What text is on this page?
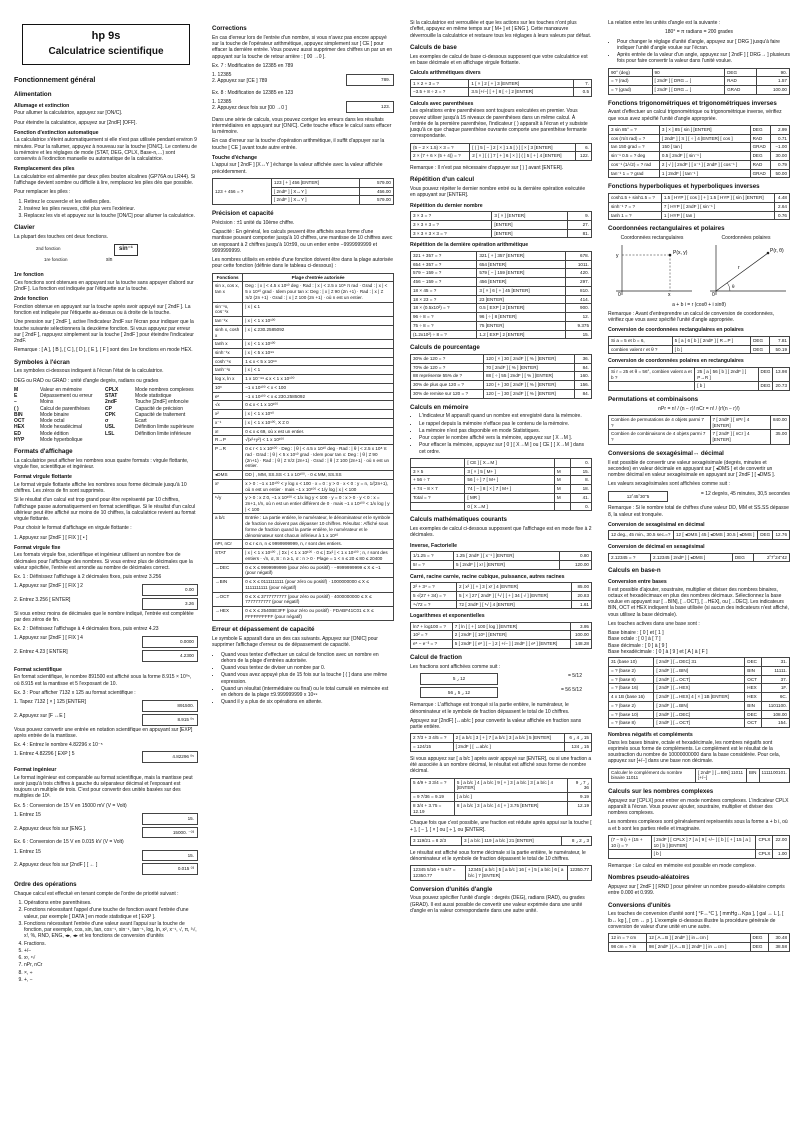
hp 9s
Calculatrice scientifique
Fonctionnement général
Alimentation
Allumage et extinction

Pour allumer la calculatrice, appuyez sur [ON/C].

Pour éteindre la calculatrice, appuyez sur [2ndF] [OFF].

Fonction d'extinction automatique

La calculatrice s'éteint automatiquement si elle n'est pas utilisée pendant environ 9 minutes. Pour la rallumer, appuyez à nouveau sur la touche [ON/C]. Le contenu de la mémoire et les réglages de mode (STAT, DEG, CPLX, Base-n,…) sont conservés à l'extinction manuelle ou automatique de la calculatrice.

Remplacement des piles

La calculatrice est alimentée par deux piles bouton alcalines (GP76A ou LR44). Si l'affichage devient sombre ou difficile à lire, remplacez les piles dès que possible.

Pour remplacer les piles :

1. Retirez le couvercle et les vieilles piles.
2. Insérez les piles neuves, côté plus vers l'extérieur.
3. Replacez les vis et appuyez sur la touche [ON/C] pour allumer la calculatrice.
Clavier

La plupart des touches ont deux fonctions.

2nd fonction	sin⁻¹
1re fonction	sin
1re fonction

Ces fonctions sont obtenues en appuyant sur la touche sans appuyer d'abord sur [2ndF ]. La fonction est indiquée par l'étiquette sur la touche.

2nde fonction

Fonction obtenue en appuyant sur la touche après avoir appuyé sur [ 2ndF ]. La fonction est indiquée par l'étiquette au-dessus ou à droite de la touche.

Une pression sur [ 2ndF ], active l'indicateur 2ndF sur l'écran pour indiquer que la touche suivante sélectionnera la deuxième fonction. Si vous appuyez par erreur sur [ 2ndF ], rappuyez simplement sur la touche [ 2ndF ] pour éteindre l'indicateur 2ndF.

Remarque : [ A ], [ B ], [ C ], [ D ], [ E ], [ F ] sont des 1re fonctions en mode HEX.

Symboles à l'écran

Les symboles ci-dessous indiquent à l'écran l'état de la calculatrice.

DEG ou RAD ou GRAD : unité d'angle degrés, radians ou grades

M	Valeur en mémoire	CPLX	Mode nombres complexes
E	Dépassement ou erreur	STAT	Mode statistique
−	Moins	2ndF	Touche [2ndF] enfoncée
( )	Calcul de parenthèses	CP	Capacité de précision
BIN	Mode binaire	CPK	Capacité de traitement
OCT	Mode octal	σ	Ecart
HEX	Mode hexadécimal	USL	Définition limite supérieure
ED	Mode édition	LSL	Définition limite inférieure
HYP	Mode hyperbolique
Formats d'affichage

La calculatrice peut afficher les nombres sous quatre formats : virgule flottante, virgule fixe, scientifique et ingénieur.

Format virgule flottante

Le format virgule flottante affiche les nombres sous forme décimale jusqu'à 10 chiffres. Les zéros de fin sont supprimés.

Si le résultat d'un calcul est trop grand pour être représenté par 10 chiffres, l'affichage passe automatiquement en format scientifique. Si le résultat d'un calcul ultérieur peut être affiché sur moins de 10 chiffres, la calculatrice revient au format virgule flottante.

Pour choisir le format d'affichage en virgule flottante :

1. Appuyez sur [2ndF ] [ FIX ] [ • ]

Format virgule fixe

Les formats virgule fixe, scientifique et ingénieur utilisent un nombre fixe de décimales pour l'affichage des nombres. Si vous entrez plus de décimales que la valeur spécifiée, l'entrée est arrondie au nombre de décimales correct.

Ex. 1 : Définissez l'affichage à 2 décimales fixes, puis entrez 3.256

1. Appuyez sur [2ndF ] [ FIX ] 2
0.00
2. Entrez 3.256 [ ENTER]
3.26

Si vous entrez moins de décimales que le nombre indiqué, l'entrée est complétée par des zéros de fin.

Ex. 2 : Définissez l'affichage à 4 décimales fixes, puis entrez 4.23

1. Appuyez sur [2ndF ] [ FIX ] 4
0.0000
2. Entrez 4.23 [ ENTER]
4.2300
Format scientifique

En format scientifique, le nombre 891500 est affiché sous la forme 8.915 × 10⁰⁵, où 8.915 est la mantisse et 5 l'exposant de 10.

Ex. 3 : Pour afficher 7132 x 125 au format scientifique :

1. Tapez 7132 [ × ] 125 [ENTER]
891500.
2. Appuyez sur [F ↔E ]
8.915 ⁰⁵

Vous pouvez convertir une entrée en notation scientifique en appuyant sur [EXP] après entrée de la mantisse.

Ex. 4 : Entrez le nombre 4.82296 x 10⁻⁵

1. Entrez 4.82296 [ EXP ] 5	4.82296 ⁰⁵
Format ingénieur

Le format ingénieur est comparable au format scientifique, mais la mantisse peut avoir jusqu'à trois chiffres à gauche du séparateur décimal et l'exposant est toujours un multiple de trois. C'est pour convertir des unités basées sur des multiples de 10³.

Ex. 5 : Conversion de 15 V en 15000 mV (V = Volt)

1. Entrez 15
15.
2. Appuyez deux fois sur [ENG ].
15000. ⁻⁰³

Ex. 6 : Conversion de 15 V en 0.015 kV (V = Volt)

1. Entrez 15
15.
2. Appuyez deux fois sur [2ndF ] [ ← ]
0.015 ⁰³
Ordre des opérations

Chaque calcul est effectué en tenant compte de l'ordre de priorité suivant :

1. Opérations entre parenthèses.
2. Fonctions nécessitant l'appel d'une touche de fonction avant l'entrée d'une valeur, par exemple [ DATA ] en mode statistique et [ EXP ].
3. Fonctions nécessitant l'entrée d'une valeur avant l'appui sur la touche de fonction, par exemple, cos, sin, tan, cos⁻¹, sin⁻¹, tan⁻¹, log, ln, x², x⁻¹, √, π, ³√, x!, %, RND, ENG, ◂▸, ◂▸ et les fonctions de conversion d'unités
4. Fractions.
5. +/−
6. xʸ, ˣ√
7. nPr, nCr
8. ×, ÷
9. +, −
Corrections

En cas d'erreur lors de l'entrée d'un nombre, si vous n'avez pas encore appuyé sur la touche de l'opérateur arithmétique, appuyez simplement sur [ CE ] pour effacer la dernière entrée. Vous pouvez aussi supprimer des chiffres un par un en appuyant sur la touche de retour arrière : [ 00 →0 ].

Ex. 7 : Modification de 12385 en 789

1. 12385
2. Appuyez sur [CE ] 789	789.

Ex. 8 : Modification de 12385 en 123

1. 12385
2. Appuyez deux fois sur [00 →0 ]	123.

Dans une série de calculs, vous pouvez corriger les erreurs dans les résultats intermédiaires en appuyant sur [ON/C]. Cette touche efface le calcul sans effacer la mémoire.

En cas d'erreur sur la touche d'opération arithmétique, il suffit d'appuyer sur la touche [ CE ] avant toute autre entrée.

Touche d'échange

L'appui sur [ 2ndF ] [X↔Y ] échange la valeur affichée avec la valeur affichée précédemment.

123 + 456 = ?	123 [ + ] 456 [ENTER]	579.00
	[ 2ndF ] [ X↔Y ]	456.00
	[ 2ndF ] [ X↔Y ]	579.00
Précision et capacité

Précision : ±1 unité du 10ème chiffre.

Capacité : En général, les calculs peuvent être affichés sous forme d'une mantisse pouvant comporter jusqu'à 10 chiffres, une mantisse de 10 chiffres avec un exposant à 2 chiffres jusqu'à 10±99, ou un entier entre −9999999999 et 9999999999.

Les nombres utilisés en entrée d'une fonction doivent être dans la plage autorisée pour cette fonction (définie dans le tableau ci-dessous) :

Fonctions	Plage d'entrée autorisée
sin x, cos x, tan x	Deg : | x | < 4.5 x 10¹⁰ deg · Rad : | x | < 2.5 x 10⁸ π rad · Grad : | x | < 5 x 10¹⁰ grad · Idem pour tan x: Deg : | x | ≠ 90 (2n +1) · Rad : | x | ≠ π/2 (2n +1) · Grad : | x | ≠ 100 (2n +1) · où n est un entier.
sin⁻¹x, cos⁻¹x	| x | ≤ 1
tan⁻¹x	| x | < 1 x 10¹⁰⁰
sinh x, cosh x	| x | ≤ 230.2585092
tanh x	| x | < 1 x 10¹⁰⁰
sinh⁻¹x	| x | < 5 x 10⁹⁹
cosh⁻¹x	1 ≤ x < 5 x 10⁹⁹
tanh⁻¹x	| x | < 1
log x, ln x	1 x 10⁻⁹⁹ ≤ x < 1 x 10¹⁰⁰
10ˣ	−1 x 10¹⁰⁰ < x < 100
eˣ	−1 x 10¹⁰⁰ < x ≤ 230.2585092
√x	0 ≤ x < 1 x 10¹⁰⁰
x²	| x | < 1 x 10⁵⁰
x⁻¹	| x | < 1 x 10¹⁰⁰, X ≠ 0
x!	0 ≤ x ≤ 69, où x est un entier.
R→P	√(x²+y²) < 1 x 10¹⁰⁰
P→R	0 ≤ r < 1 x 10¹⁰⁰ · Deg : | θ | < 4.5 x 10¹⁰ deg · Rad : | θ | < 2.5 x 10⁸ π rad · Grad : | θ | < 5 x 10¹⁰ grad · Idem pour tan x: Deg : | θ | ≠ 90 (2n+1) · Rad : | θ | ≠ π/2 (2n+1) · Grad : | θ | ≠ 100 (2n+1) · où n est un entier.
◂DMS	DD | , MM, SS.SS < 1 x 10¹⁰⁰, · 0 ≤ MM, SS.SS
xʸ	x > 0 : −1 x 10¹⁰⁰ < y log x < 100 · x = 0 : y > 0 · x < 0 : y = n, 1/(2n+1), où n est un entier · mais −1 x 10¹⁰⁰ < 1/y log | x | < 100
ˣ√y	y > 0 : x ≠ 0, −1 x 10¹⁰⁰ < 1/x log y < 100 · y = 0 : x > 0 · y < 0 : x = 2n+1, I/n, où n est un entier différent de 0 · mais −1 x 10¹⁰⁰ < 1/x log | y | < 100
a b/c	Entrée : La partie entière, le numérateur, le dénominateur et le symbole de fraction ne doivent pas dépasser 10 chiffres. Résultat : Affiché sous forme de fraction quand la partie entière, le numérateur et le dénominateur sont chacun inférieur à 1 x 10¹⁰
nPr, nCr	0 ≤ r ≤ n, n ≤ 9999999999, n, r sont des entiers.
STAT	| x | < 1 x 10¹⁰⁰ , | Σx | < 1 x 10¹⁰⁰ · 0 ≤ | Σx² | < 1 x 10¹⁰⁰ ; n, r sont des entiers · √n, σ, S : n ≥ 1, σ : n > 0 · Plage = 1 < n ≤ 20 ≤ 80 ≤ 20400
→DEC	0 ≤ X ≤ 9999999999 (pour zéro ou positif) · −9999999999 ≤ X ≤ −1 (pour négatif)
→BIN	0 ≤ X ≤ 0111111111 (pour zéro ou positif) · 1000000000 ≤ X ≤ 1111111111 (pour négatif)
→OCT	0 ≤ X ≤ 3777777777 (pour zéro ou positif) · 4000000000 ≤ X ≤ 7777777777 (pour négatif)
→HEX	0 ≤ X ≤ 2540BE3FF (pour zéro ou positif) · FDABF41C01 ≤ X ≤ FFFFFFFFFF (pour négatif)
Erreur et dépassement de capacité

Le symbole E apparaît dans un des cas suivants. Appuyez sur [ONIC] pour supprimer l'affichage d'erreur ou de dépassement de capacité.

• Quand vous tentez d'effectuer un calcul de fonction avec un nombre en dehors de la plage d'entrées autorisée.
• Quand vous tentez de diviser un nombre par 0.
• Quand vous avez appuyé plus de 15 fois sur la touche [ ( ] dans une même expression.
• Quand un résultat (intermédiaire ou final) ou le total cumulé en mémoire est en dehors de la plage ±9.999999999 x 10⁹⁹
• Quand il y a plus de six opérations en attente.

Si la calculatrice est verrouillée et que les actions sur les touches n'ont plus d'effet, appuyez en même temps sur [ M+ ] et [ ENG ]. Cette manœuvre déverrouille la calculatrice et restaure tous les réglages à leurs valeurs par défaut.

Calculs de base

Les exemples de calcul de base ci-dessous supposent que votre calculatrice est en base décimale et en affichage virgule flottante.

Calculs arithmétiques divers
1 × 2 + 3 = ?	1 [ × ] 2 [ + ] 3 [ENTER]	7.
−3.5 + 8 ÷ 2 = ?	3.5 [+/−] [ + ] 8 [ ÷ ] 2 [ENTER]	0.5
Calculs avec parenthèses

Les opérations entre parenthèses sont toujours exécutées en premier. Vous pouvez utiliser jusqu'à 15 niveaux de parenthèses dans un même calcul. À l'entrée de la première parenthèse, l'indicateur ( ) apparaît à l'écran et y subsiste jusqu'à ce que chaque parenthèse ouvrante comporte une parenthèse fermante correspondante.

(5 − 2 × 1.5) × 3 = ?	[ ( ] 5 [ − ] 2 [ × ] 1.5 [ ) ] [ × ] 3 [ENTER]	6.
2 × {7 + 6 × (5 + 4)} = ?	2 [ × ] [ ( ] 7 [ + ] 6 [ × ] [ ( ] 5 [ + ] 4 [ENTER]	122.

Remarque : Il n'est pas nécessaire d'appuyer sur [ ) ] avant [ENTER].

Répétition d'un calcul

Vous pouvez répéter le dernier nombre entré ou la dernière opération exécutée en appuyant sur [ENTER].

Répétition du dernier nombre
3 × 3 = ?	3 [ × ] [ENTER]	9.
3 × 3 × 3 = ?	[ENTER]	27.
3 × 3 × 3 × 3 = ?	[ENTER]	81.
Répétition de la dernière opération arithmétique
321 + 357 = ?	321 [ + ] 357 [ENTER]	678.
654 + 357 = ?	654 [ENTER]	1011.
579 − 159 = ?	579 [ − ] 159 [ENTER]	420.
456 − 159 = ?	456 [ENTER]	297.
18 × 45 = ?	3 [ × ] 6 [ + ] 45 [ENTER]	810.
18 × 23 = ?	23 [ENTER]	414.
18 × (0.5x10²) = ?	0.5 [ EXP ] 2 [ENTER]	900.
96 ÷ 8 = ?	96 [ ÷ ] 8 [ENTER]	12.
75 ÷ 8 = ?	75 [ENTER]	9.375
(1.2x10²) ÷ 8 = ?	1.2 [ EXP ] 2 [ENTER]	15.
Calculs de pourcentage
30% de 120 = ?	120 [ × ] 30 [ 2ndF ] [ % ] [ENTER]	36.
70% de 120 = ?	70 [ 2ndF ] [ % ] [ENTER]	84.
88 représente 55% de ?	88 [ ÷ ] 55 [ 2ndF ] [ % ] [ENTER]	160.
30% de plus que 120 = ?	120 [ + ] 30 [ 2ndF ] [ % ] [ENTER]	156.
30% de remise sur 120 = ?	120 [ − ] 30 [ 2ndF ] [ % ] [ENTER]	84.
Calculs en mémoire
• L'indicateur M apparaît quand un nombre est enregistré dans la mémoire.
• Le rappel depuis la mémoire n'efface pas le contenu de la mémoire.
• La mémoire n'est pas disponible en mode Statistiques.
• Pour copier le nombre affiché vers la mémoire, appuyez sur [ X→M ].
• Pour effacer la mémoire, appuyez sur [ 0 ] [ X→M ] ou [ CE ] [ X→M ] dans cet ordre.
	[ CE ] [ X→M ]		0.
3 × 5	3 [ × ] 5 [ M+ ]	M	15.
+ 56 ÷ 7	56 [ ÷ ] 7 [ M+ ]	M	8.
+ 74 − 8 × 7	74 [ − ] 8 [ × ] 7 [ M+ ]	M	18.
Total = ?	[ MR ]	M	41.
	0 [ X→M ]		0.
Calculs mathématiques courants

Les exemples de calcul ci-dessous supposent que l'affichage est en mode fixe à 2 décimales.

Inverse, Factorielle
1/1.25 = ?	1.25 [ 2ndF ] [ x⁻¹ ] [ENTER]	0.80
5! = ?	5 [ 2ndF ] [ x! ] [ENTER]	120.00
Carré, racine carrée, racine cubique, puissance, autres racines
2² + 3⁴ = ?	2 [ x² ] [ + ] 3 [ xʸ ] 4 [ENTER]	85.00
5 √(27 + 34) = ?	5 [ × ] 27 [ 2ndF ] [ ³√ ] [ + ] 34 [ √ ] [ENTER]	20.83
⁴√72 = ?	72 [ 2ndF ] [ ˣ√ ] 4 [ENTER]	1.61
Logarithmes et exponentielles
ln7 + log100 = ?	7 [ ln ] [ + ] 100 [ log ] [ENTER]	3.95
10² = ?	2 [ 2ndF ] [ 10ˣ ] [ENTER]	100.00
e⁵ − e⁻³ = ?	5 [ 2ndF ] [ eˣ ] [ − ] 2 [ +/− ] [ 2ndF ] [ eˣ ] [ENTER]	148.28
Calcul de fraction

Les fractions sont affichées comme suit :

5 ⌟ 12	= 5/12
56 ⌟ 5 ⌟ 12	= 56 5/12

Remarque : L'affichage est tronqué si la partie entière, le numérateur, le dénominateur et le symbole de fraction dépassent le total de 10 chiffres.

Appuyez sur [2ndF] [↔ab/c ] pour convertir la valeur affichée en fraction sans partie entière.

2 7/3 + 3 4/5 = ?	2 [ a b/c ] 3 [ + ] 7 [ a b/c ] 3 [ a b/c ] 5 [ENTER]	6 ⌟ 4 ⌟ 15
= 124/15	[ 2ndF ] [ ↔ab/c ]	124 ⌟ 15

Si vous appuyez sur [ a b/c ] après avoir appuyé sur [ENTER], ou si une fraction a été associée à un nombre décimal, le résultat est affiché sous forme de nombre décimal.

5 4/9 + 3 3/4 = ?	5 [ a b/c ] 4 [ a b/c ] 9 [ + ] 3 [ a b/c ] 3 [ a b/c ] 4 [ENTER]	9 ⌟ 7 ⌟ 36
= 9 7/36 = 9.19	[ a b/c ]	9.19
8 3/4 + 3.75 = 12.19	8 [ a b/c ] 3 [ a b/c ] 4 [ + ] 3.75 [ENTER]	12.19

Chaque fois que c'est possible, une fraction est réduite après appui sur la touche [ + ], [ − ], [ × ] ou [ ÷ ], ou [ENTER].

3 119/21 = 8 2/3	3 [ a b/c ] 119 [ a b/c ] 21 [ENTER]	8 ⌟ 2 ⌟ 3

Le résultat est affiché sous forme décimale si la partie entière, le numérateur, le dénominateur et le symbole de fraction dépassent le total de 10 chiffres.

12345 5/16 + 5 6/7 = 12350.77	12345 [ a b/c ] 5 [ a b/c ] 16 [ + ] 5 [ a b/c ] 6 [ a b/c ] 7 [ENTER]	12350.77
Conversion d'unités d'angle

Vous pouvez spécifier l'unité d'angle : degrés (DEG), radians (RAD), ou grades (GRAD). Il est aussi possible de convertir une valeur exprimée dans une unité d'angle en la valeur correspondante dans une autre unité.

La relation entre les unités d'angle est la suivante :

180° = π radians = 200 grades

• Pour changer le réglage d'unité d'angle, appuyez sur [ DRG ] jusqu'à faire indiquer l'unité d'angle voulue sur l'écran.
• Après entrée de la valeur d'un angle, appuyez sur [ 2ndF ] [ DRG→ ] plusieurs fois pour faire convertir la valeur dans l'unité voulue.
90° (deg)	90	DEG	90.
= ? (rad)	[ 2ndF ] [ DRG→ ]	RAD	1.57
= ? (grad)	[ 2ndF ] [ DRG→ ]	GRAD	100.00
Fonctions trigonométriques et trigonométriques inverses

Avant d'effectuer un calcul trigonométrique ou trigonométrique inverse, vérifiez que vous avez spécifié l'unité d'angle appropriée.

3 sin 85° = ?	3 [ × ] 85 [ sin ] [ENTER]	DEG	2.99
cos (π/4 rad) = ?	[ 2ndF ] [ π ] [ ÷ ] 4 [ENTER] [ cos ]	RAD	0.71
tan 150 grad = ?	150 [ tan ]	GRAD	−1.00
sin⁻¹ 0.5 = ? deg	0.5 [ 2ndF ] [ sin⁻¹ ]	DEG	30.00
cos⁻¹ (1/√2) = ? rad	2 [ √ ] [ 2ndF ] [ x⁻¹ ] [ 2ndF ] [ cos⁻¹ ]	RAD	0.79
tan⁻¹ 1 = ? grad	1 [ 2ndF ] [ tan⁻¹ ]	GRAD	50.00
Fonctions hyperboliques et hyperboliques inverses
cosh1.5 + sinh1.5 = ?	1.5 [ HYP ] [ cos ] [ + ] 1.5 [ HYP ] [ sin ] [ENTER]	4.48
sinh⁻¹ 7 = ?	7 [ HYP ] [ 2ndF ] [ sin⁻¹ ]	2.64
tanh 1 = ?	1 [ HYP ] [ tan ]	0.76
Coordonnées rectangulaires et polaires
Coordonnées rectangulaires
P(x, y)
y
x
0
Coordonnées polaires
P(r, θ)
r
θ
0

a + b i = r (cosθ + i sinθ)

Remarque : Avant d'entreprendre un calcul de conversion de coordonnées, vérifiez que vous avez spécifié l'unité d'angle appropriée.

Conversion de coordonnées rectangulaires en polaires
Si a = 5 et b = 6,	5 [ a ] 6 [ b ] [ 2ndF ] [ R→P ]	DEG	7.81
combien valent r et θ ?	[ b ]	DEG	50.19
Conversion de coordonnées polaires en rectangulaires
Si r = 25 et θ = 56°, combien valent a et b ?	25 [ a ] 56 [ b ] [ 2ndF ] [ P→R ]	DEG	13.98
	[ b ]	DEG	20.73
Permutations et combinaisons

nPr = n! / (n − r)! nCr = n! / (r!(n − r)!)

Combien de permutations de 4 objets parmi 7 ?	7 [ 2ndF ] [ nPr ] 4 [ENTER]	840.00
Combien de combinaisons de 4 objets parmi 7 ?	7 [ 2ndF ] [ nCr ] 4 [ENTER]	35.00
Conversions de sexagésimal↔ décimal

Il est possible de convertir une valeur sexagésimale (degrés, minutes et secondes) en valeur décimale en appuyant sur [ ◂DMS ] et de convertir un nombre décimal en valeur sexagésimale en appuyant sur [ 2ndF ] [ ◂DMS ].

Les valeurs sexagésimales sont affichées comme suit :

12˚45˚30"5	= 12 degrés, 45 minutes, 30,5 secondes

Remarque : Si le nombre total de chiffres d'une valeur DD, MM et SS.SS dépasse 8, la valeur est tronquée.

Conversion de sexagésimal en décimal
12 deg., 45 min., 30.5 sec.=?	12 [ ◂DMS ] 45 [ ◂DMS ] 30.5 [ ◂DMS ]	DEG	12.76
Conversion de décimal en sexagésimal
2.12345 = ?	2.12345 [ 2ndF ] [ ◂DMS ]	DEG	2˚7˚24"42
Calculs en base-n
Conversion entre bases

Il est possible d'ajouter, soustraire, multiplier et diviser des nombres binaires, octaux et hexadécimaux en plus des nombres décimaux. Sélectionnez la base voulue en appuyant sur [→BIN], [→OCT], [→HEX], ou [→DEC]. Les indicateurs BIN, OCT et HEX indiquent la base utilisée (si aucun des indicateurs n'est affiché, vous utilisez la base décimale).

Les touches actives dans une base sont :

Base binaire : [ 0 ] et [ 1 ]
Base octale : [ 0 ] à [ 7 ]
Base décimale : [ 0 ] à [ 9 ]
Base hexadécimale : [ 0 ] à [ 9 ] et [ A ] à [ F ]
31 (base 10)	[ 2ndF ] [→DEC] 31	DEC	31.
= ? (base 2)	[ 2ndF ] [→BIN]	BIN	11111.
= ? (base 8)	[ 2ndF ] [→OCT]	OCT	37.
= ? (base 16)	[ 2ndF ] [→HEX]	HEX	1F.
4 x 1B (base 16)	[ 2ndF ] [→HEX] 4 [ × ] 1B [ENTER]	HEX	6C.
= ? (base 2)	[ 2ndF ] [→BIN]	BIN	1101100.
= ? (base 10)	[ 2ndF ] [→DEC]	DEC	108.00
= ? (base 8)	[ 2ndF ] [→OCT]	OCT	154.
Nombres négatifs et compléments

Dans les bases binaire, octale et hexadécimale, les nombres négatifs sont exprimés sous forme de compléments. Le complément est le résultat de la soustraction du nombre de 10000000000 dans la base considérée. Pour cela, appuyez sur [+/−] dans une base non décimale.

Calculer le complément du nombre binaire 11011	[ 2ndF ] [→BIN] 11011 [+/−]	BIN	1111100101.
Calculs sur les nombres complexes

Appuyez sur [CPLX] pour entrer en mode nombres complexes. L'indicateur CPLX apparaît à l'écran. Vous pouvez ajouter, soustraire, multiplier et diviser des nombres complexes.

Les nombres complexes sont généralement représentés sous la forme a + b i, où a et b sont les parties réelle et imaginaire.

(7 − 9 i) + (15 + 10 i) = ?	[ 2ndF ] [ CPLX ] 7 [ a ] 9 [ +/− ] [ b ] [ + ] 15 [ a ] 10 [ b ] [ENTER]	CPLX	22.00
	[ b ]	CPLX	1.00

Remarque : Le calcul en mémoire est possible en mode complexe.

Nombres pseudo-aléatoires

Appuyez sur [ 2ndF ] [ RND ] pour générer un nombre pseudo-aléatoire compris entre 0.000 et 0.999.

Conversions d'unités

Les touches de conversion d'unité sont [ °F↔°C ], [ mmHg↔Kpa ], [ gal ↔ L ], [ lb↔ kg ], [ cm ↔ p ]. L'exemple ci-dessous illustre la procédure générale de conversion de valeur d'une unité en une autre.

12 in = ? cm	12 [ A→B ] [ 2ndF ] [ in↔cm ]	DEG	30.48
98 cm = ? in	98 [ 2ndF ] [ A→B ] [ 2ndF ] [ in ↔cm ]	DEG	38.58
